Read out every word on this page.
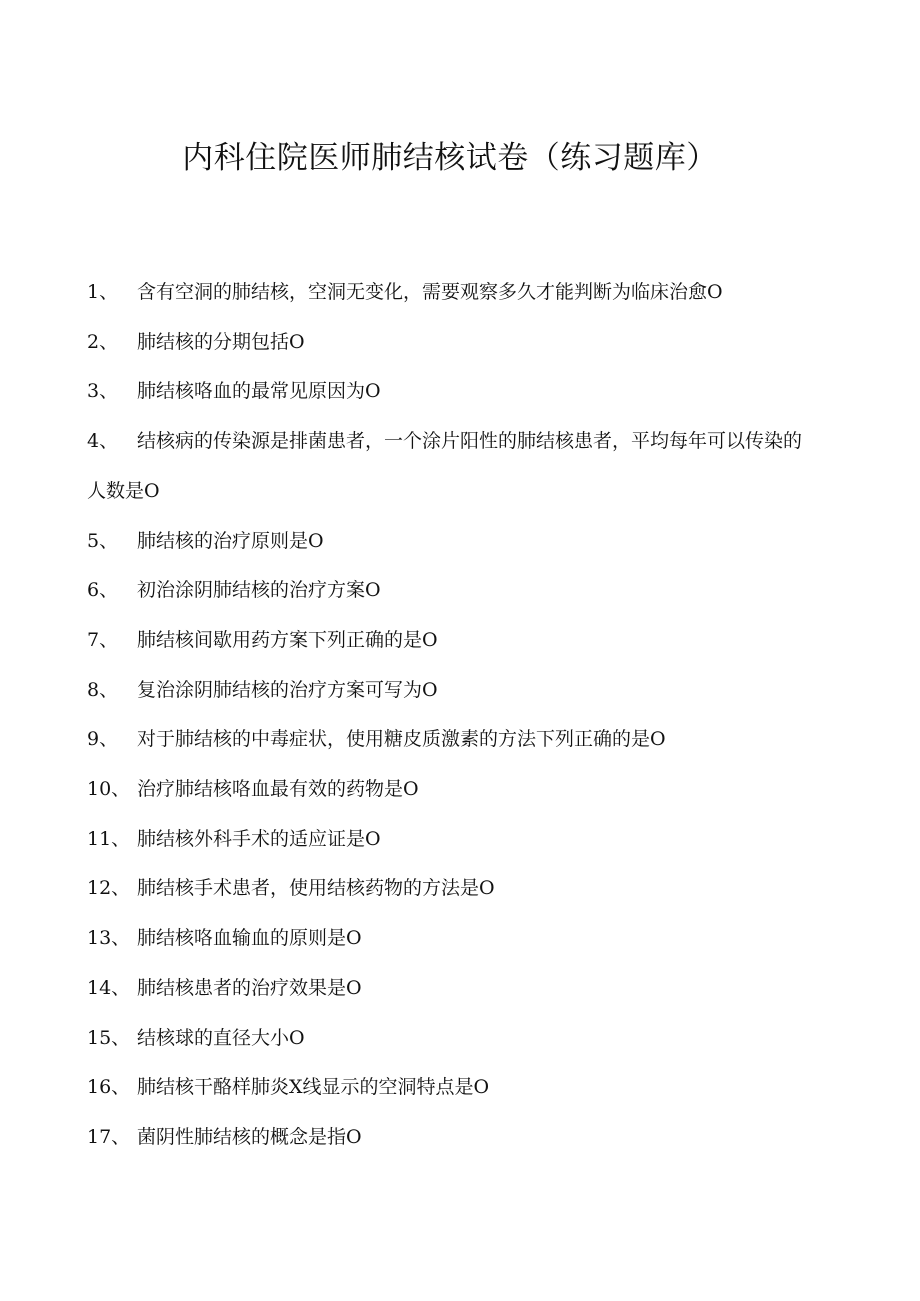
内科住院医师肺结核试卷（练习题库）
1、 含有空洞的肺结核，空洞无变化，需要观察多久才能判断为临床治愈O
2、 肺结核的分期包括O
3、 肺结核咯血的最常见原因为O
4、 结核病的传染源是排菌患者，一个涂片阳性的肺结核患者，平均每年可以传染的人数是O
5、 肺结核的治疗原则是O
6、 初治涂阴肺结核的治疗方案O
7、 肺结核间歇用药方案下列正确的是O
8、 复治涂阴肺结核的治疗方案可写为O
9、 对于肺结核的中毒症状，使用糖皮质激素的方法下列正确的是O
10、 治疗肺结核咯血最有效的药物是O
11、 肺结核外科手术的适应证是O
12、 肺结核手术患者，使用结核药物的方法是O
13、 肺结核咯血输血的原则是O
14、 肺结核患者的治疗效果是O
15、 结核球的直径大小O
16、 肺结核干酪样肺炎X线显示的空洞特点是O
17、 菌阴性肺结核的概念是指O
